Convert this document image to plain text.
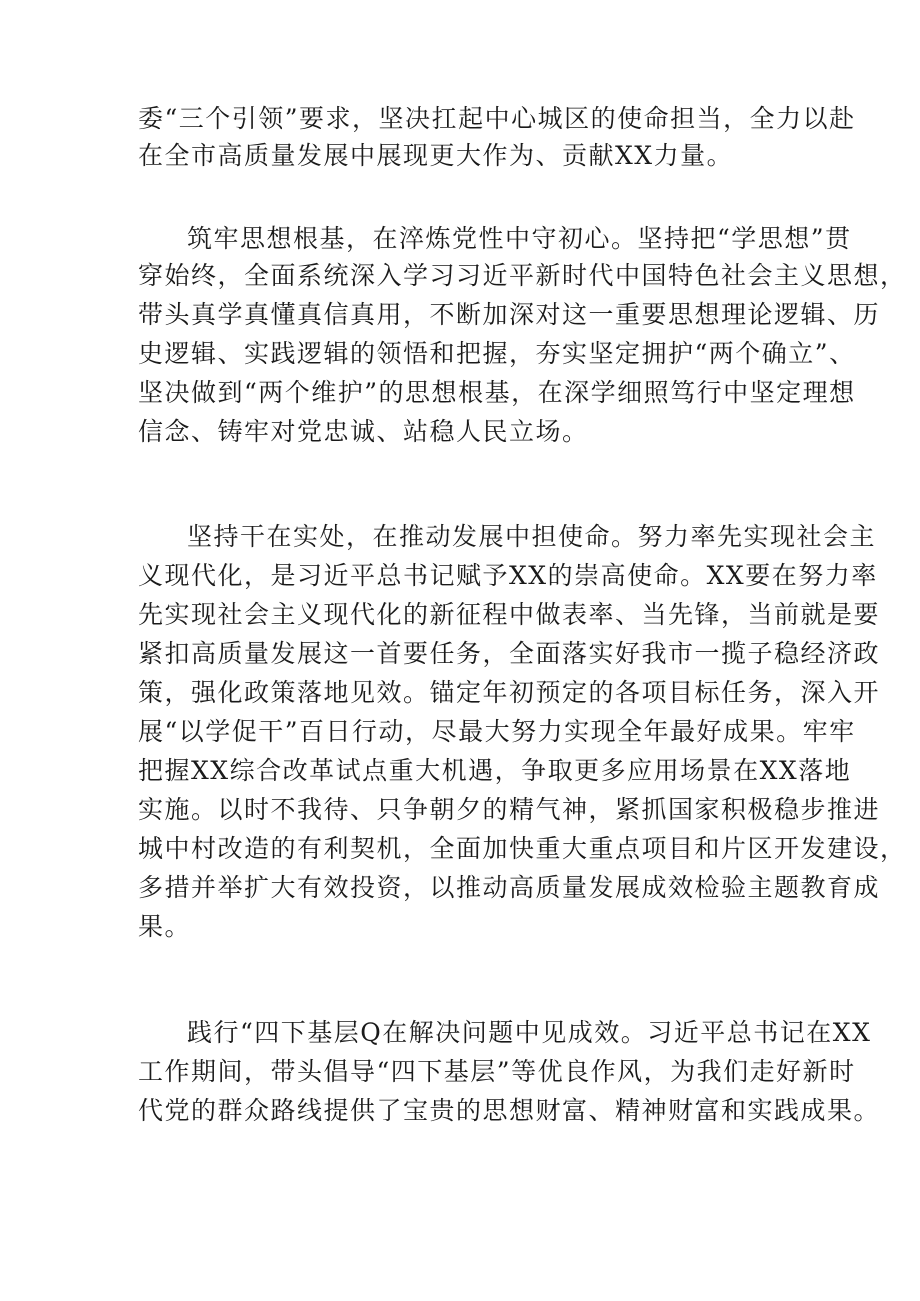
委“三个引领”要求，坚决扛起中心城区的使命担当，全力以赴
在全市高质量发展中展现更大作为、贡献XX力量。
筑牢思想根基，在淬炼党性中守初心。坚持把“学思想”贯
穿始终，全面系统深入学习习近平新时代中国特色社会主义思想，
带头真学真懂真信真用，不断加深对这一重要思想理论逻辑、历
史逻辑、实践逻辑的领悟和把握，夯实坚定拥护“两个确立”、
坚决做到“两个维护”的思想根基，在深学细照笃行中坚定理想
信念、铸牢对党忠诚、站稳人民立场。
坚持干在实处，在推动发展中担使命。努力率先实现社会主
义现代化，是习近平总书记赋予XX的崇高使命。XX要在努力率
先实现社会主义现代化的新征程中做表率、当先锋，当前就是要
紧扣高质量发展这一首要任务，全面落实好我市一揽子稳经济政
策，强化政策落地见效。锚定年初预定的各项目标任务，深入开
展“以学促干”百日行动，尽最大努力实现全年最好成果。牢牢
把握XX综合改革试点重大机遇，争取更多应用场景在XX落地
实施。以时不我待、只争朝夕的精气神，紧抓国家积极稳步推进
城中村改造的有利契机，全面加快重大重点项目和片区开发建设，
多措并举扩大有效投资，以推动高质量发展成效检验主题教育成
果。
践行“四下基层Q在解决问题中见成效。习近平总书记在XX
工作期间，带头倡导“四下基层”等优良作风，为我们走好新时
代党的群众路线提供了宝贵的思想财富、精神财富和实践成果。
